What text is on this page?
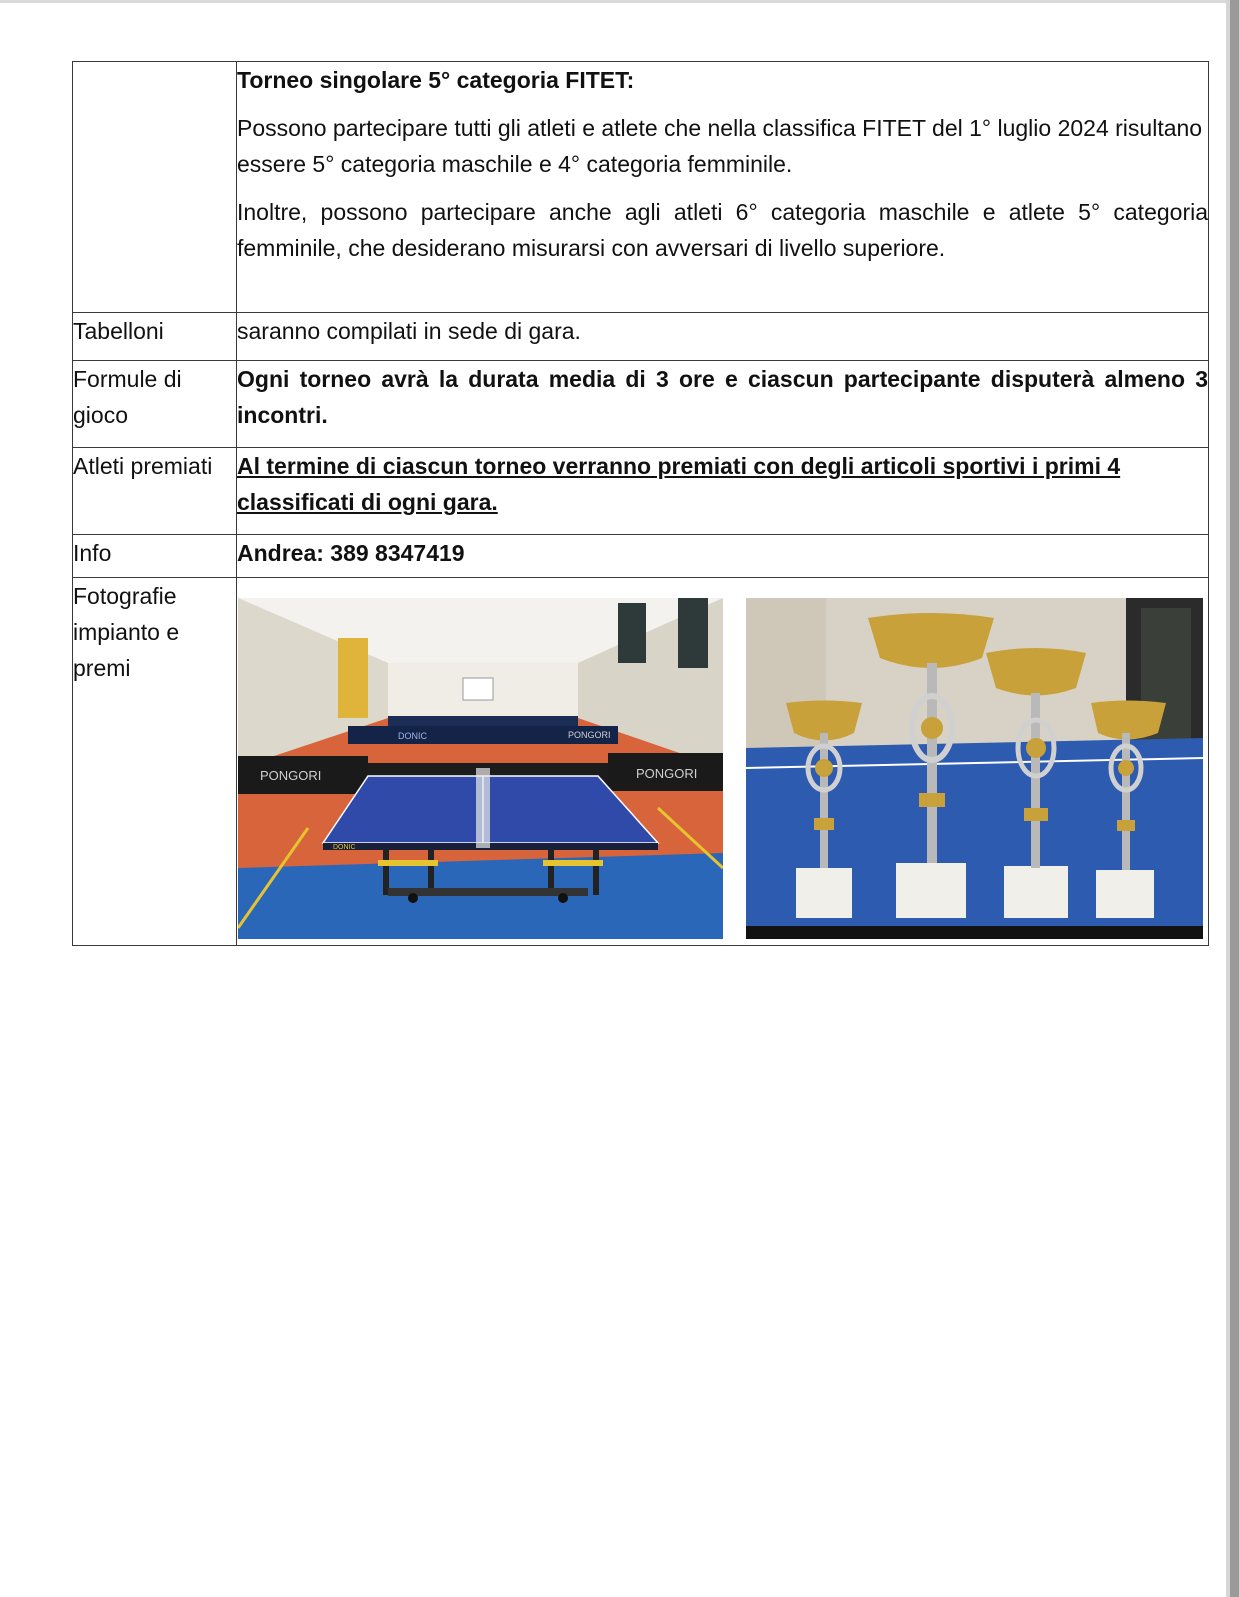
	Torneo singolare 5° categoria FITET:

Possono partecipare tutti gli atleti e atlete che nella classifica FITET del 1° luglio 2024 risultano essere 5° categoria maschile e 4° categoria femminile.

Inoltre, possono partecipare anche agli atleti 6° categoria maschile e atlete 5° categoria femminile, che desiderano misurarsi con avversari di livello superiore.

Tabelloni	saranno compilati in sede di gara.
Formule di gioco	Ogni torneo avrà la durata media di 3 ore e ciascun partecipante disputerà almeno 3 incontri.
Atleti premiati	Al termine di ciascun torneo verranno premiati con degli articoli sportivi i primi 4 classificati di ogni gara.
Info	Andrea: 389 8347419
Fotografie impianto e premi	DONIC
PONGORI PONGORI
PONGORI
DONIC
